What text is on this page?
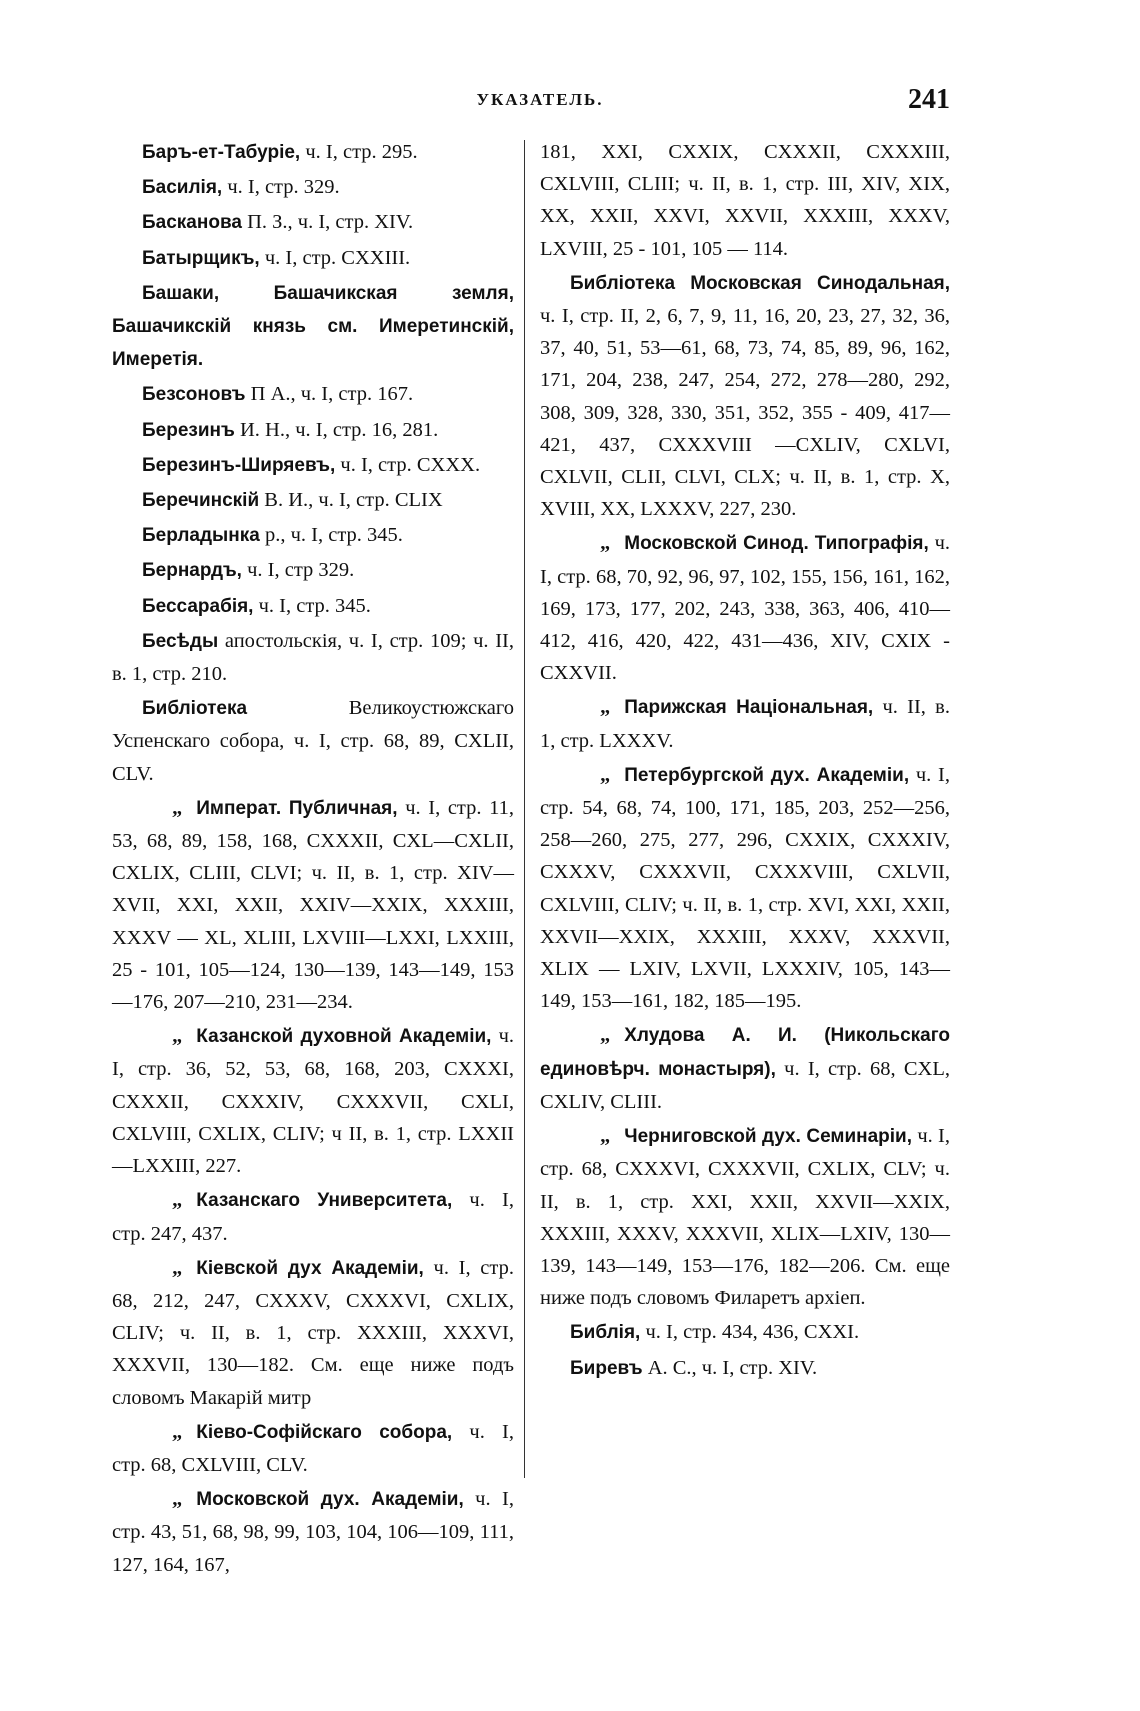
УКАЗАТЕЛЬ.	241

Баръ-ет-Табуріе, ч. I, стр. 295.

Басилія, ч. I, стр. 329.

Басканова П. З., ч. I, стр. XIV.

Батырщикъ, ч. I, стр. CXXIII.

Башаки, Башачикская земля, Башачикскій князь см. Имеретинскій, Имеретія.

Безсоновъ П А., ч. I, стр. 167.

Березинъ И. Н., ч. I, стр. 16, 281.

Березинъ-Ширяевъ, ч. I, стр. CXXX.

Беречинскій В. И., ч. I, стр. CLIX

Берладынка р., ч. I, стр. 345.

Бернардъ, ч. I, стр 329.

Бессарабія, ч. I, стр. 345.

Бесѣды апостольскія, ч. I, стр. 109; ч. II, в. 1, стр. 210.

Библіотека Великоустюжскаго Успенскаго собора, ч. I, стр. 68, 89, CXLII, CLV.

„ Императ. Публичная, ч. I, стр. 11, 53, 68, 89, 158, 168, CXXXII, CXL—CXLII, CXLIX, CLIII, CLVI; ч. II, в. 1, стр. XIV—XVII, XXI, XXII, XXIV—XXIX, XXXIII, XXXV — XL, XLIII, LXVIII—LXXI, LXXIII, 25 - 101, 105—124, 130—139, 143—149, 153—176, 207—210, 231—234.

„ Казанской духовной Академіи, ч. I, стр. 36, 52, 53, 68, 168, 203, CXXXI, CXXXII, CXXXIV, CXXXVII, CXLI, CXLVIII, CXLIX, CLIV; ч II, в. 1, стр. LXXII—LXXIII, 227.

„ Казанскаго Университета, ч. I, стр. 247, 437.

„ Кіевской дух Академіи, ч. I, стр. 68, 212, 247, CXXXV, CXXXVI, CXLIX, CLIV; ч. II, в. 1, стр. XXXIII, XXXVI, XXXVII, 130—182. См. еще ниже подъ словомъ Макарій митр

„ Кіево-Софійскаго собора, ч. I, стр. 68, CXLVIII, CLV.

„ Московской дух. Академіи, ч. I, стр. 43, 51, 68, 98, 99, 103, 104, 106—109, 111, 127, 164, 167,

181, XXI, CXXIX, CXXXII, CXXXIII, CXLVIII, CLIII; ч. II, в. 1, стр. III, XIV, XIX, XX, XXII, XXVI, XXVII, XXXIII, XXXV, LXVIII, 25 - 101, 105 — 114.

Библіотека Московская Синодальная, ч. I, стр. II, 2, 6, 7, 9, 11, 16, 20, 23, 27, 32, 36, 37, 40, 51, 53—61, 68, 73, 74, 85, 89, 96, 162, 171, 204, 238, 247, 254, 272, 278—280, 292, 308, 309, 328, 330, 351, 352, 355 - 409, 417—421, 437, CXXXVIII —CXLIV, CXLVI, CXLVII, CLII, CLVI, CLX; ч. II, в. 1, стр. X, XVIII, XX, LXXXV, 227, 230.

„ Московской Синод. Типографія, ч. I, стр. 68, 70, 92, 96, 97, 102, 155, 156, 161, 162, 169, 173, 177, 202, 243, 338, 363, 406, 410—412, 416, 420, 422, 431—436, XIV, CXIX - CXXVII.

„ Парижская Національная, ч. II, в. 1, стр. LXXXV.

„ Петербургской дух. Академіи, ч. I, стр. 54, 68, 74, 100, 171, 185, 203, 252—256, 258—260, 275, 277, 296, CXXIX, CXXXIV, CXXXV, CXXXVII, CXXXVIII, CXLVII, CXLVIII, CLIV; ч. II, в. 1, стр. XVI, XXI, XXII, XXVII—XXIX, XXXIII, XXXV, XXXVII, XLIX — LXIV, LXVII, LXXXIV, 105, 143—149, 153—161, 182, 185—195.

„ Хлудова А. И. (Никольскаго единовѣрч. монастыря), ч. I, стр. 68, CXL, CXLIV, CLIII.

„ Черниговской дух. Семинаріи, ч. I, стр. 68, CXXXVI, CXXXVII, CXLIX, CLV; ч. II, в. 1, стр. XXI, XXII, XXVII—XXIX, XXXIII, XXXV, XXXVII, XLIX—LXIV, 130—139, 143—149, 153—176, 182—206. См. еще ниже подъ словомъ Филаретъ архіеп.

Библія, ч. I, стр. 434, 436, CXXI.

Биревъ А. С., ч. I, стр. XIV.
